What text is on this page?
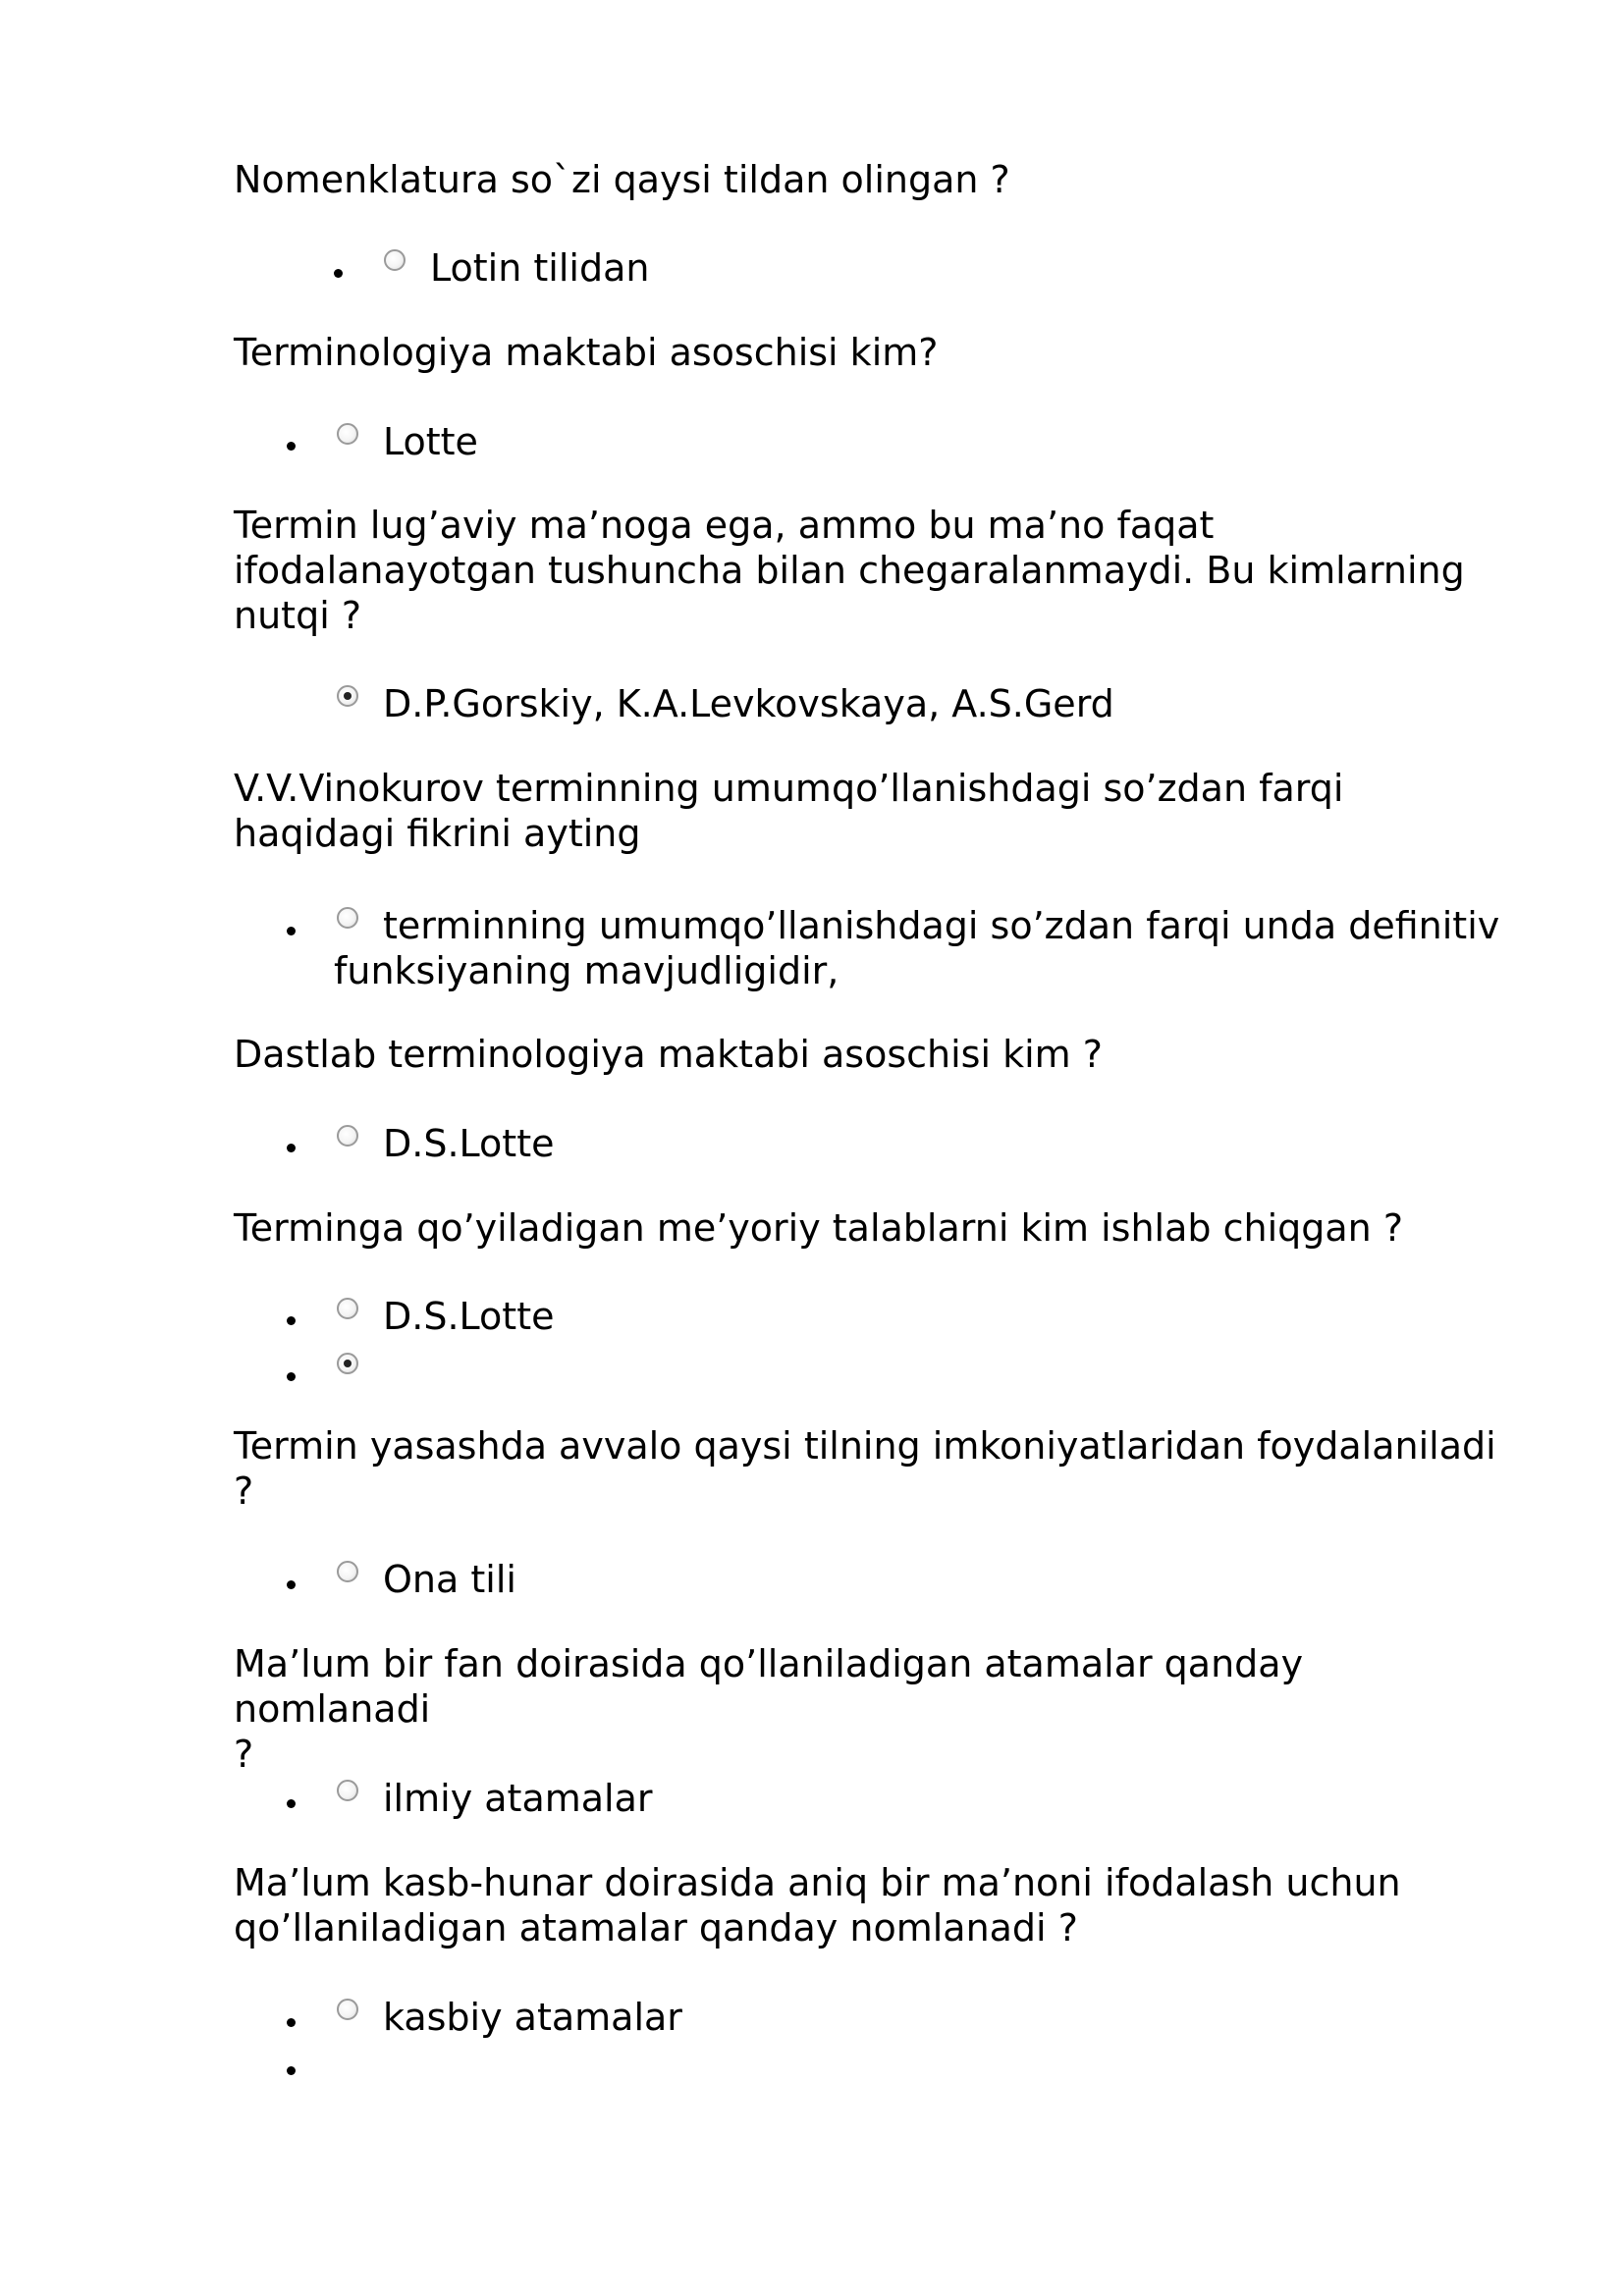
Nomenklatura so`zi qaysi tildan olingan ?

Lotin tilidan

Terminologiya maktabi asoschisi kim?

Lotte

Termin lug’aviy ma’noga ega, ammo bu ma’no faqat
ifodalanayotgan tushuncha bilan chegaralanmaydi. Bu kimlarning
nutqi ?

D.P.Gorskiy, K.A.Levkovskaya, A.S.Gerd

V.V.Vinokurov terminning umumqo’llanishdagi so’zdan farqi
haqidagi fikrini ayting

terminning umumqo’llanishdagi so’zdan farqi unda definitiv
funksiyaning mavjudligidir,

Dastlab terminologiya maktabi asoschisi kim ?

D.S.Lotte

Terminga qo’yiladigan me’yoriy talablarni kim ishlab chiqgan ?

D.S.Lotte

Termin yasashda avvalo qaysi tilning imkoniyatlaridan foydalaniladi
?

Ona tili

Ma’lum bir fan doirasida qo’llaniladigan atamalar qanday nomlanadi
?

ilmiy atamalar

Ma’lum kasb-hunar doirasida aniq bir ma’noni ifodalash uchun
qo’llaniladigan atamalar qanday nomlanadi ?

kasbiy atamalar
